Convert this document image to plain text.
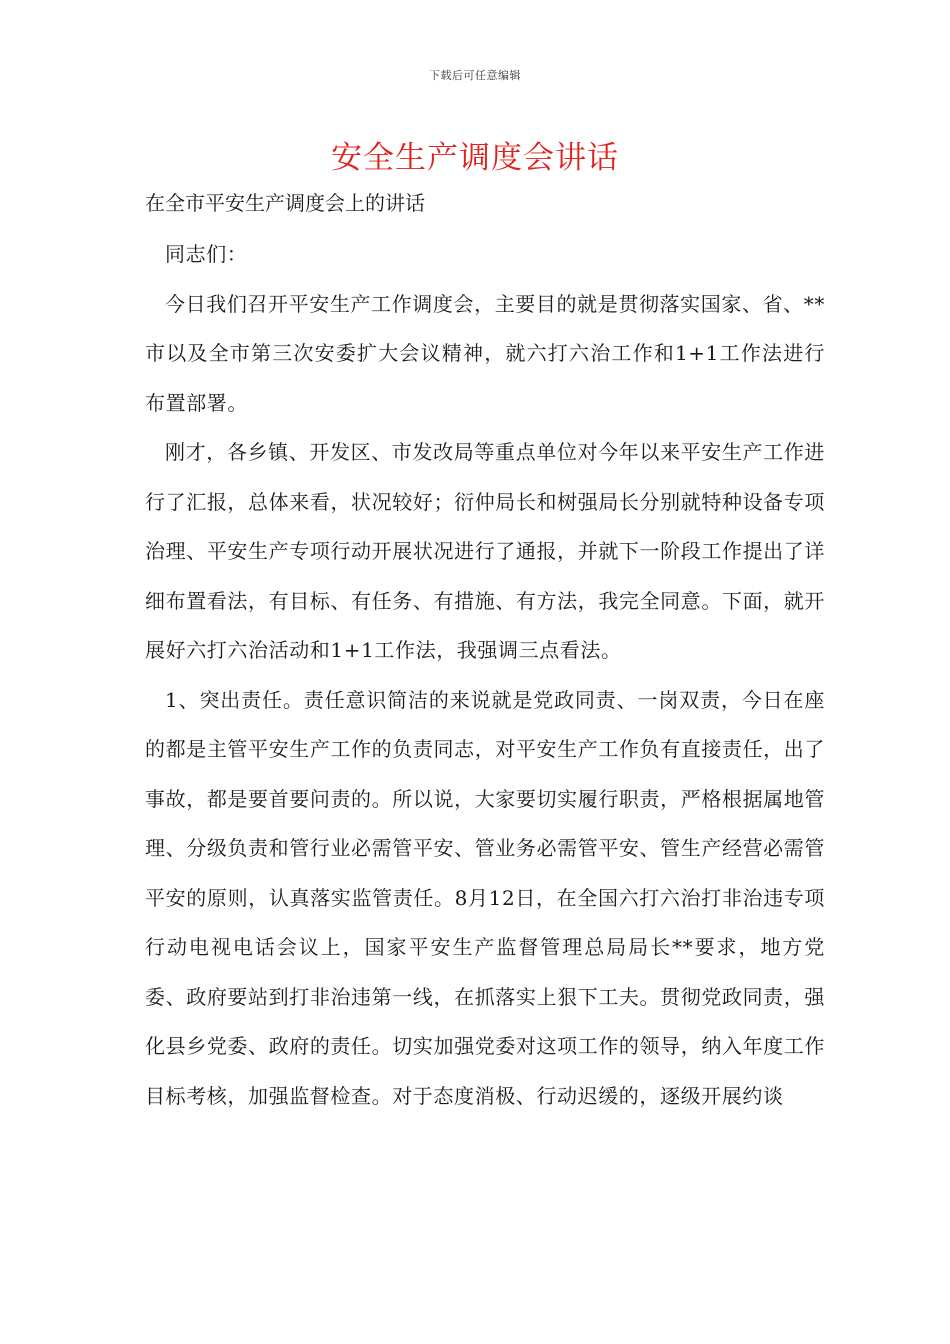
下载后可任意编辑
安全生产调度会讲话
在全市平安生产调度会上的讲话

同志们：

今日我们召开平安生产工作调度会，主要目的就是贯彻落实国家、省、**市以及全市第三次安委扩大会议精神，就六打六治工作和1+1工作法进行布置部署。

刚才，各乡镇、开发区、市发改局等重点单位对今年以来平安生产工作进行了汇报，总体来看，状况较好；衍仲局长和树强局长分别就特种设备专项治理、平安生产专项行动开展状况进行了通报，并就下一阶段工作提出了详细布置看法，有目标、有任务、有措施、有方法，我完全同意。下面，就开展好六打六治活动和1+1工作法，我强调三点看法。

1、突出责任。责任意识简洁的来说就是党政同责、一岗双责，今日在座的都是主管平安生产工作的负责同志，对平安生产工作负有直接责任，出了事故，都是要首要问责的。所以说，大家要切实履行职责，严格根据属地管理、分级负责和管行业必需管平安、管业务必需管平安、管生产经营必需管平安的原则，认真落实监管责任。8月12日，在全国六打六治打非治违专项行动电视电话会议上，国家平安生产监督管理总局局长**要求，地方党委、政府要站到打非治违第一线，在抓落实上狠下工夫。贯彻党政同责，强化县乡党委、政府的责任。切实加强党委对这项工作的领导，纳入年度工作目标考核，加强监督检查。对于态度消极、行动迟缓的，逐级开展约谈
